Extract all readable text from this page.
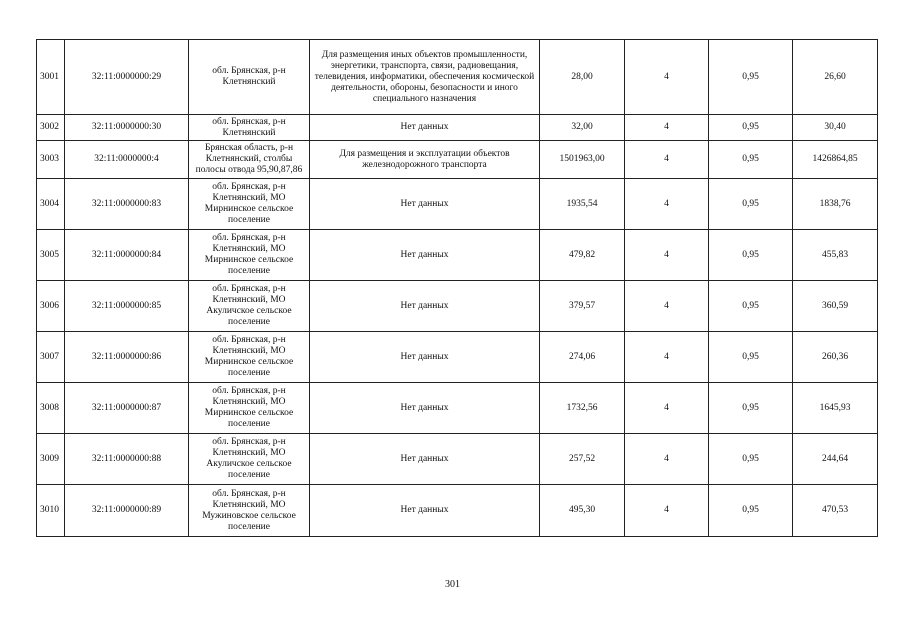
3001	32:11:0000000:29	обл. Брянская, р-н Клетнянский	Для размещения иных объектов промышленности, энергетики, транспорта, связи, радиовещания, телевидения, информатики, обеспечения космической деятельности, обороны, безопасности и иного специального назначения	28,00	4	0,95	26,60
3002	32:11:0000000:30	обл. Брянская, р-н Клетнянский	Нет данных	32,00	4	0,95	30,40
3003	32:11:0000000:4	Брянская область, р-н Клетнянский, столбы полосы отвода 95,90,87,86	Для размещения и эксплуатации объектов железнодорожного транспорта	1501963,00	4	0,95	1426864,85
3004	32:11:0000000:83	обл. Брянская, р-н Клетнянский, МО Мирнинское сельское поселение	Нет данных	1935,54	4	0,95	1838,76
3005	32:11:0000000:84	обл. Брянская, р-н Клетнянский, МО Мирнинское сельское поселение	Нет данных	479,82	4	0,95	455,83
3006	32:11:0000000:85	обл. Брянская, р-н Клетнянский, МО Акуличское сельское поселение	Нет данных	379,57	4	0,95	360,59
3007	32:11:0000000:86	обл. Брянская, р-н Клетнянский, МО Мирнинское сельское поселение	Нет данных	274,06	4	0,95	260,36
3008	32:11:0000000:87	обл. Брянская, р-н Клетнянский, МО Мирнинское сельское поселение	Нет данных	1732,56	4	0,95	1645,93
3009	32:11:0000000:88	обл. Брянская, р-н Клетнянский, МО Акуличское сельское поселение	Нет данных	257,52	4	0,95	244,64
3010	32:11:0000000:89	обл. Брянская, р-н Клетнянский, МО Мужиновское сельское поселение	Нет данных	495,30	4	0,95	470,53
301
